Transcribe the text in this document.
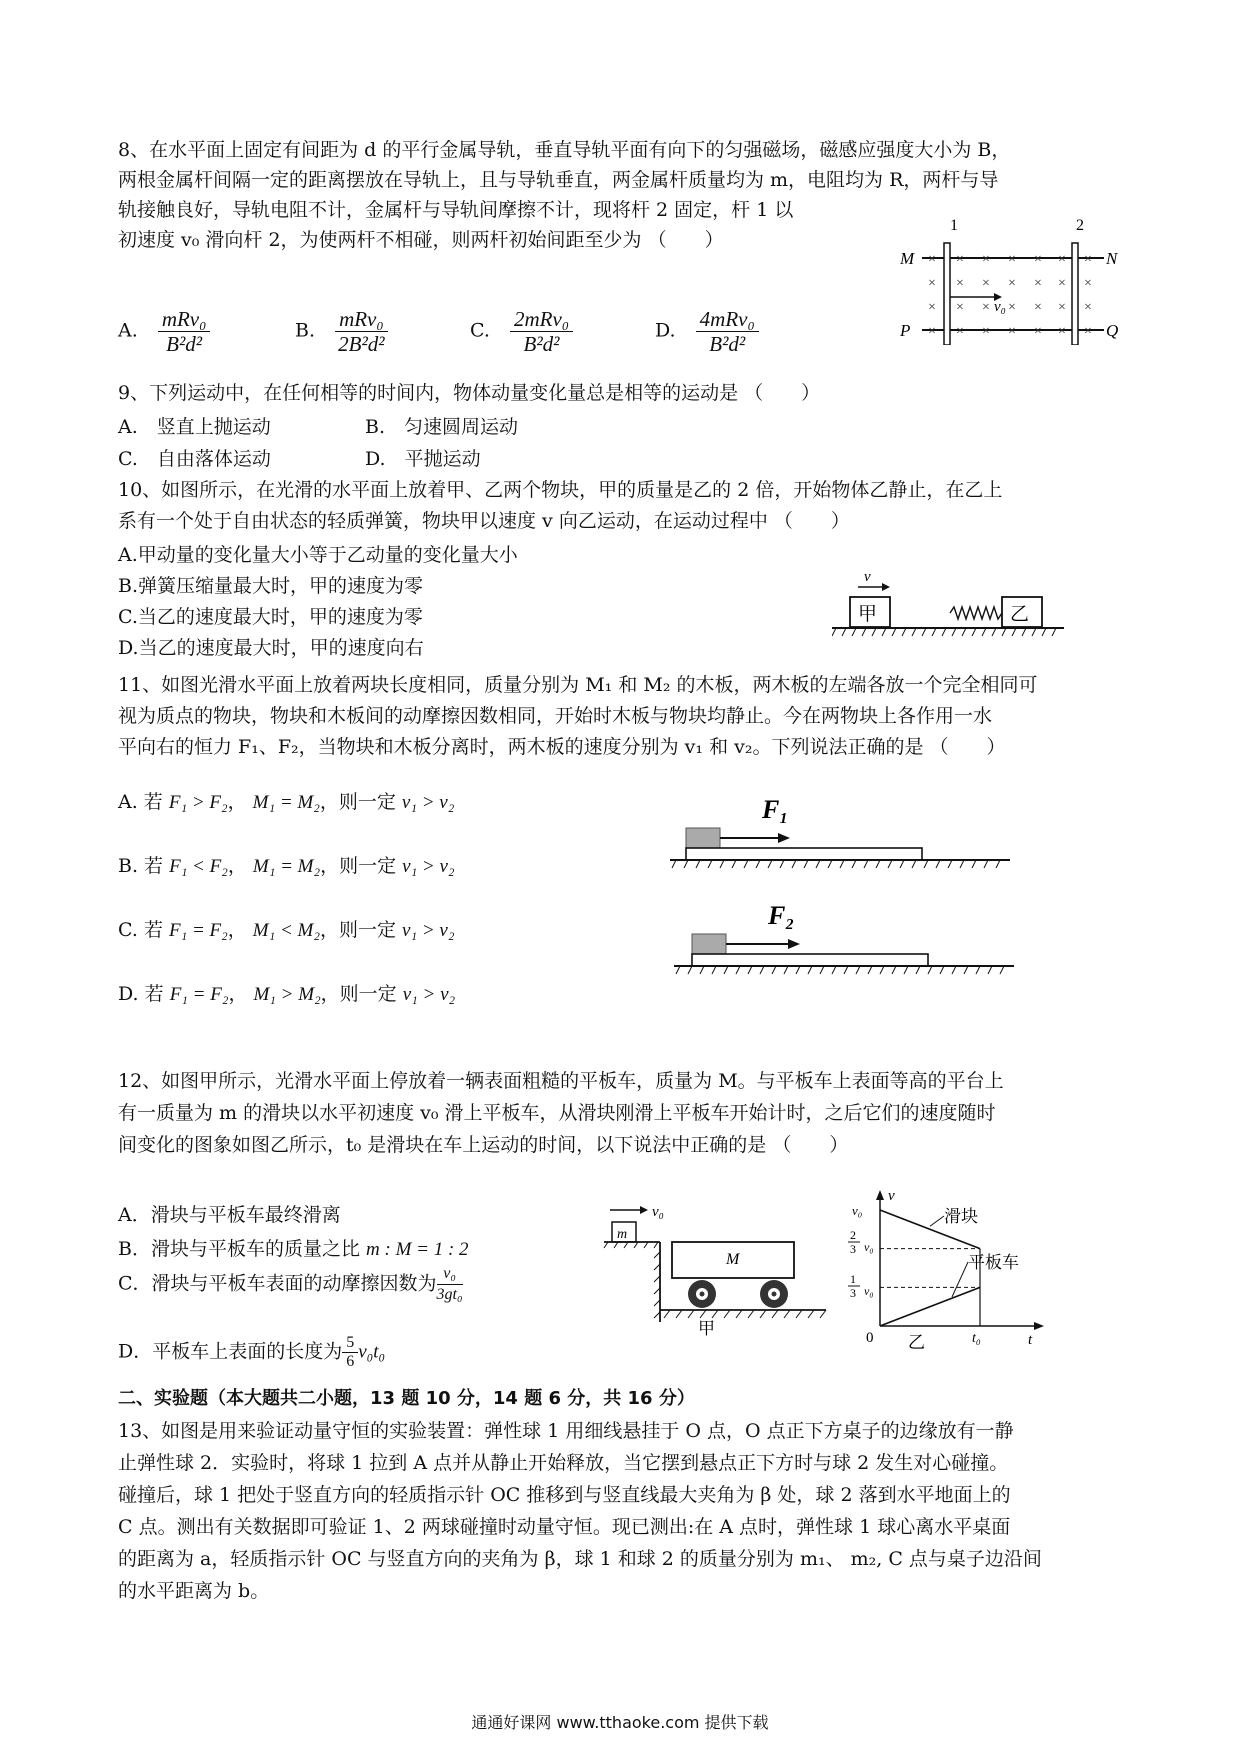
8、在水平面上固定有间距为 d 的平行金属导轨，垂直导轨平面有向下的匀强磁场，磁感应强度大小为 B，
两根金属杆间隔一定的距离摆放在导轨上，且与导轨垂直，两金属杆质量均为 m，电阻均为 R，两杆与导
轨接触良好，导轨电阻不计，金属杆与导轨间摩擦不计，现将杆 2 固定，杆 1 以
初速度 v₀ 滑向杆 2，为使两杆不相碰，则两杆初始间距至少为 （　　）
1	2
M	N
P	Q
× × × × × × ×
× × × × × × ×
× × × × × × ×
× × × × × × ×
v₀
A. $\frac{\text{mRv₀}}{\text{B²d²}}$	B. $\frac{\text{mRv₀}}{\text{2B²d²}}$	C. $\frac{\text{2mRv₀}}{\text{B²d²}}$	D. $\frac{\text{4mRv₀}}{\text{B²d²}}$
9、下列运动中，在任何相等的时间内，物体动量变化量总是相等的运动是 （　　）
A.　竖直上抛运动	B.　匀速圆周运动
C.　自由落体运动	D.　平抛运动
10、如图所示，在光滑的水平面上放着甲、乙两个物块，甲的质量是乙的 2 倍，开始物体乙静止，在乙上
系有一个处于自由状态的轻质弹簧，物块甲以速度 v 向乙运动，在运动过程中 （　　）
A.甲动量的变化量大小等于乙动量的变化量大小
B.弹簧压缩量最大时，甲的速度为零
C.当乙的速度最大时，甲的速度为零
D.当乙的速度最大时，甲的速度向右
v
甲	乙
11、如图光滑水平面上放着两块长度相同，质量分别为 M₁ 和 M₂ 的木板，两木板的左端各放一个完全相同可
视为质点的物块，物块和木板间的动摩擦因数相同，开始时木板与物块均静止。今在两物块上各作用一水
平向右的恒力 F₁、F₂，当物块和木板分离时，两木板的速度分别为 v₁ 和 v₂。下列说法正确的是 （　　）
A. 若 F₁ > F₂， M₁ = M₂，则一定 v₁ > v₂
B. 若 F₁ < F₂， M₁ = M₂，则一定 v₁ > v₂
C. 若 F₁ = F₂， M₁ < M₂，则一定 v₁ > v₂
D. 若 F₁ = F₂， M₁ > M₂，则一定 v₁ > v₂
F₁
F₂
12、如图甲所示，光滑水平面上停放着一辆表面粗糙的平板车，质量为 M。与平板车上表面等高的平台上
有一质量为 m 的滑块以水平初速度 v₀ 滑上平板车，从滑块刚滑上平板车开始计时，之后它们的速度随时
间变化的图象如图乙所示，t₀ 是滑块在车上运动的时间，以下说法中正确的是 （　　）
A．滑块与平板车最终滑离
B．滑块与平板车的质量之比 m : M = 1 : 2
C．滑块与平板车表面的动摩擦因数为 $\frac{\text{v₀}}{\text{3gt₀}}$
D．平板车上表面的长度为 $\frac{5}{6} v_0t_0$
v₀
m
M
甲
v
t
0	t₀
v₀
2
3 v₀
1
3 v₀
滑块
平板车
乙
二、实验题（本大题共二小题，13 题 10 分，14 题 6 分，共 16 分）
13、如图是用来验证动量守恒的实验装置：弹性球 1 用细线悬挂于 O 点，O 点正下方桌子的边缘放有一静
止弹性球 2．实验时，将球 1 拉到 A 点并从静止开始释放，当它摆到悬点正下方时与球 2 发生对心碰撞。
碰撞后，球 1 把处于竖直方向的轻质指示针 OC 推移到与竖直线最大夹角为 β 处，球 2 落到水平地面上的
C 点。测出有关数据即可验证 1、2 两球碰撞时动量守恒。现已测出:在 A 点时，弹性球 1 球心离水平桌面
的距离为 a，轻质指示针 OC 与竖直方向的夹角为 β，球 1 和球 2 的质量分别为 m₁、 m₂, C 点与桌子边沿间
的水平距离为 b。
通通好课网 www.tthaoke.com 提供下载
